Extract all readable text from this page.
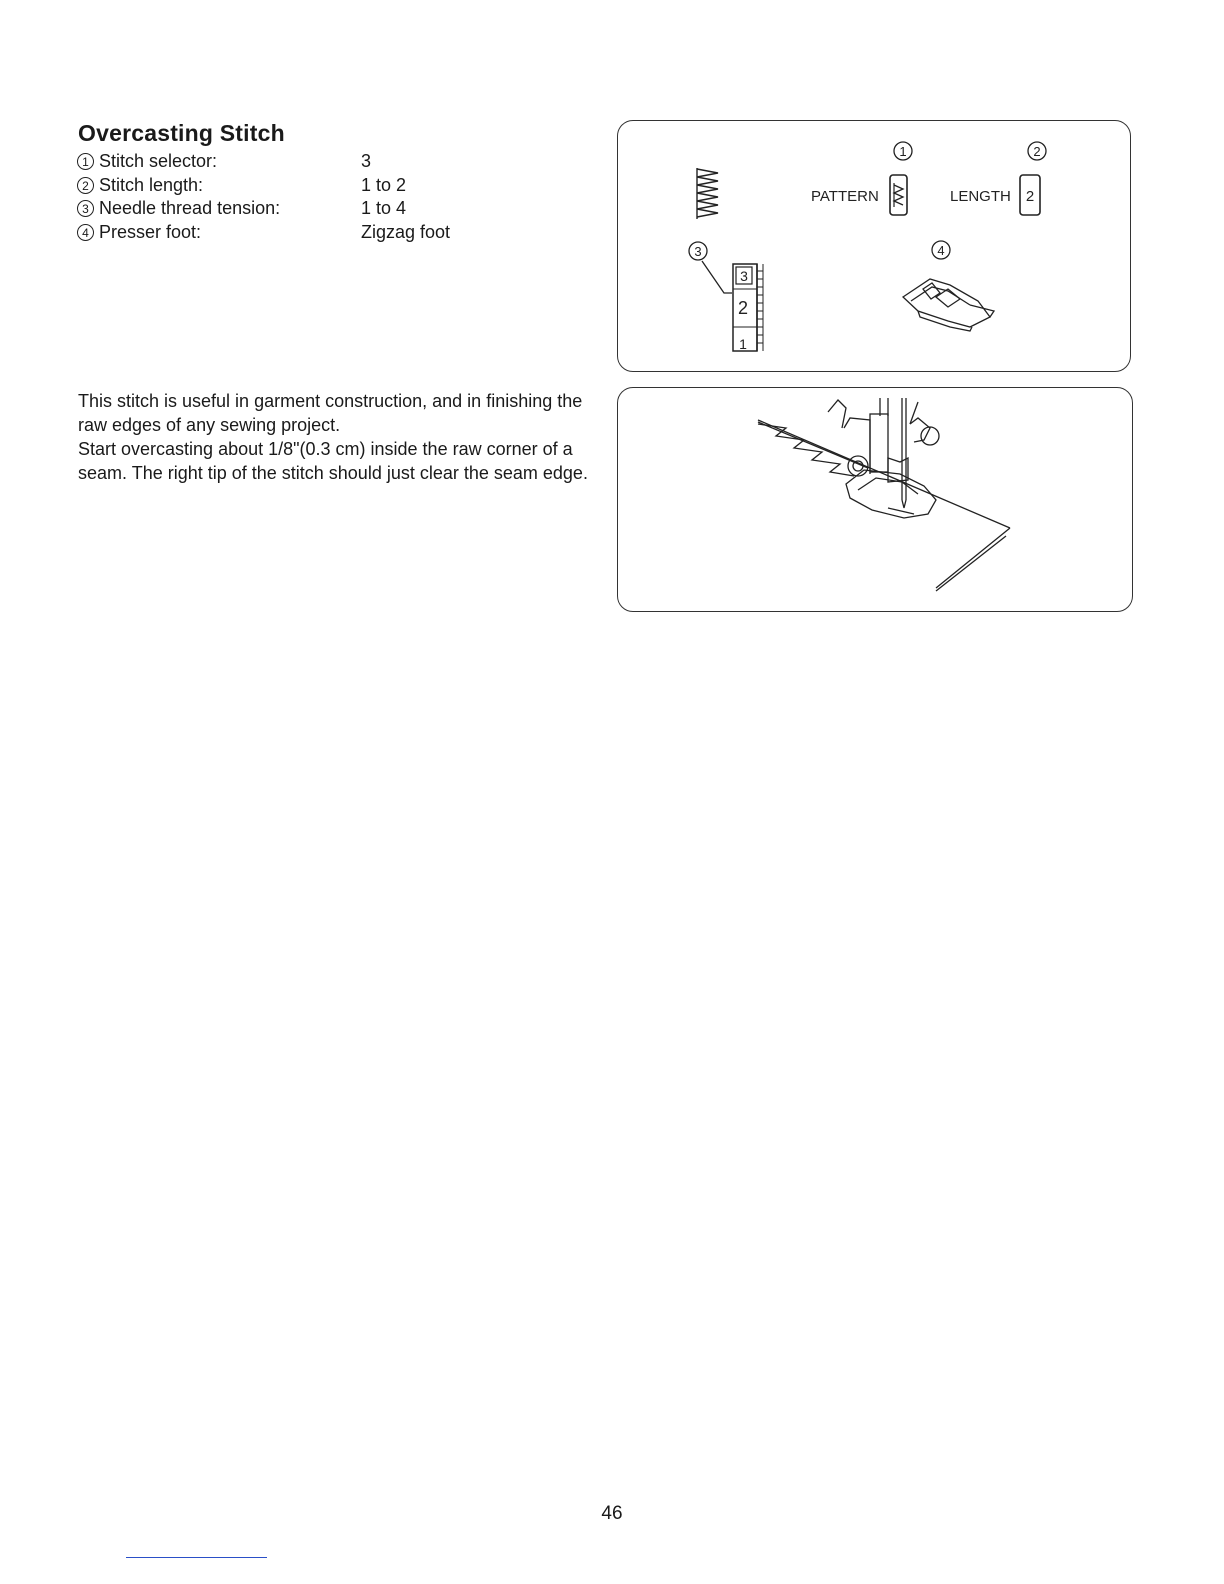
Overcasting Stitch
1 Stitch selector:	3
2 Stitch length:	1 to 2
3 Needle thread tension:	1 to 4
4 Presser foot:	Zigzag foot

This stitch is useful in garment construction, and in finishing the raw edges of any sewing project.

Start overcasting about 1/8"(0.3 cm) inside the raw corner of a seam. The right tip of the stitch should just clear the seam edge.

1	2
PATTERN	LENGTH 2
3
3
2
1
4
46
